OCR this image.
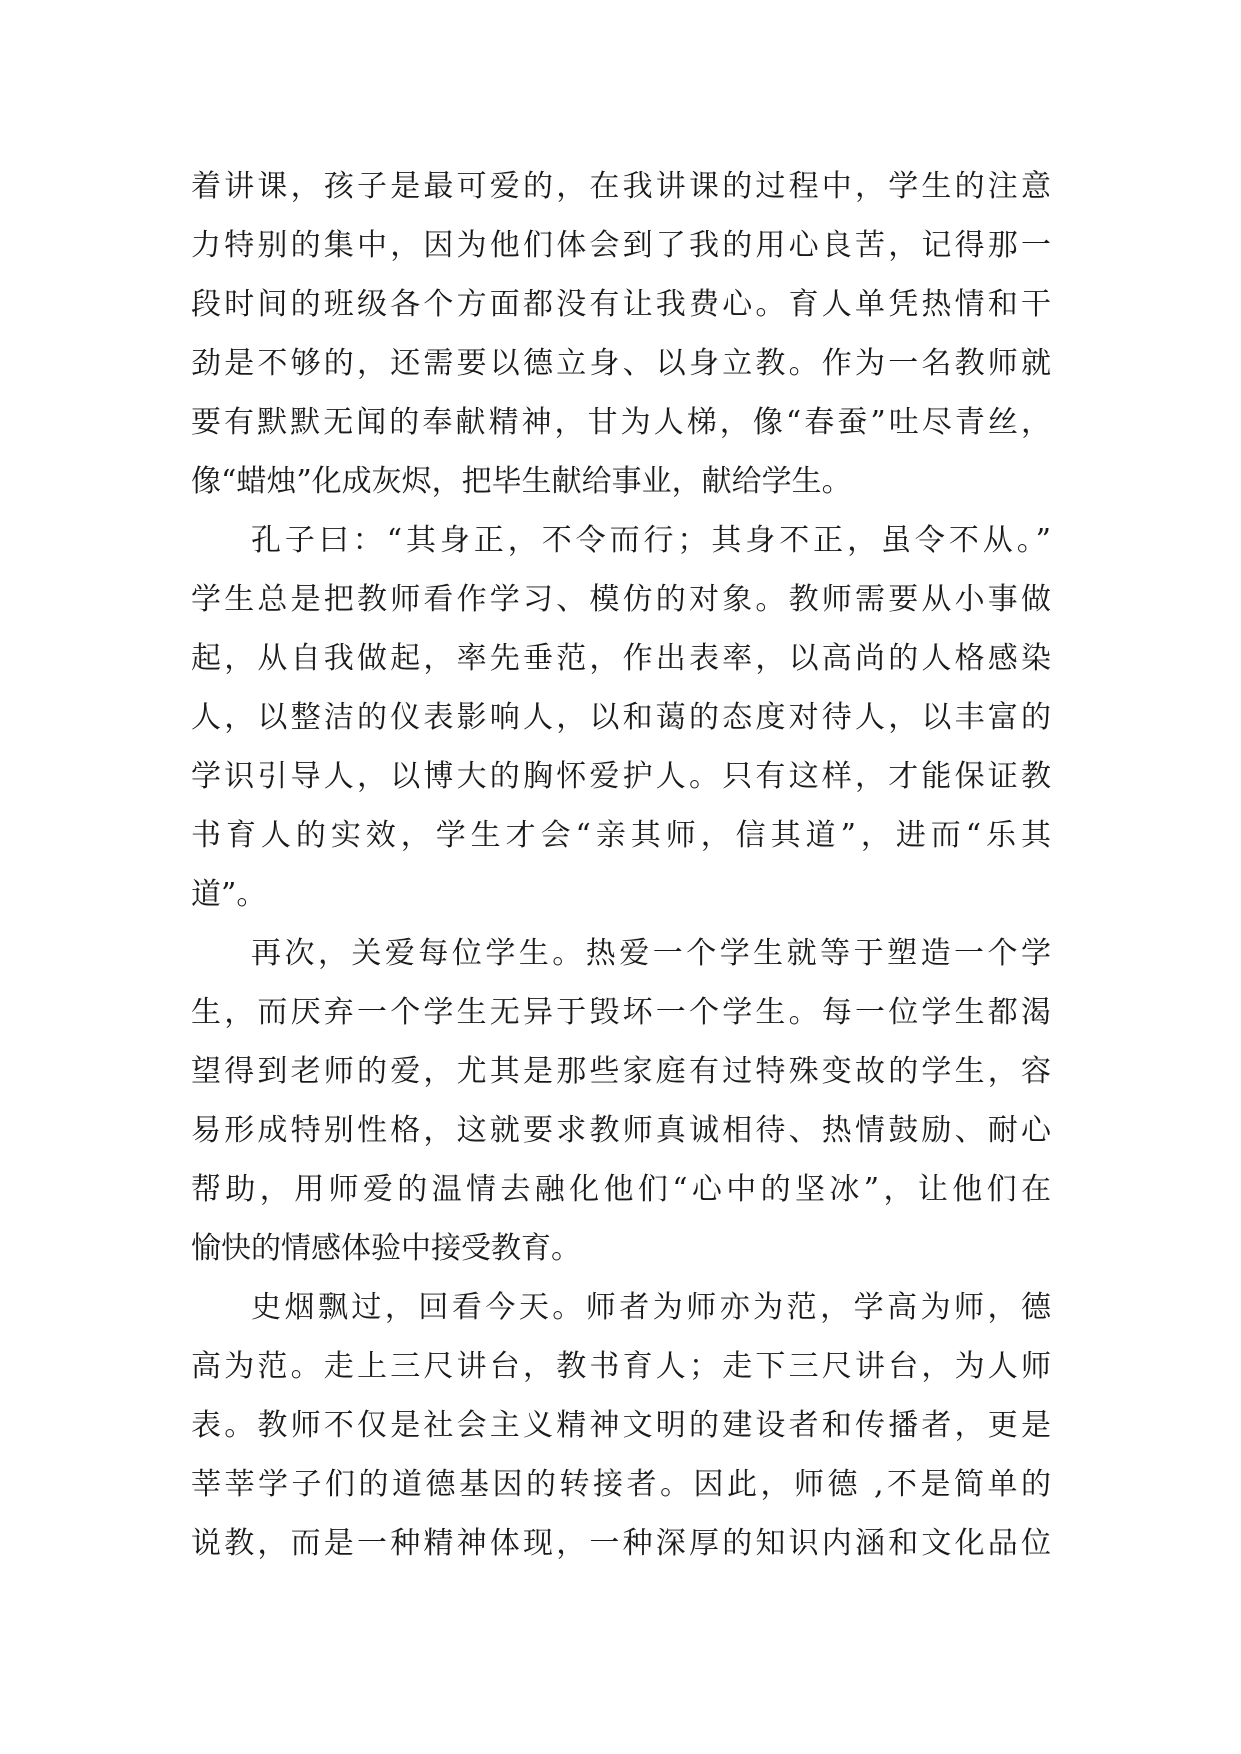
着讲课，孩子是最可爱的，在我讲课的过程中，学生的注意
力特别的集中，因为他们体会到了我的用心良苦，记得那一
段时间的班级各个方面都没有让我费心。育人单凭热情和干
劲是不够的，还需要以德立身、以身立教。作为一名教师就
要有默默无闻的奉献精神，甘为人梯，像“春蚕”吐尽青丝，
像“蜡烛”化成灰烬，把毕生献给事业，献给学生。
孔子曰：“其身正，不令而行；其身不正，虽令不从。”
学生总是把教师看作学习、模仿的对象。教师需要从小事做
起，从自我做起，率先垂范，作出表率，以高尚的人格感染
人，以整洁的仪表影响人，以和蔼的态度对待人，以丰富的
学识引导人，以博大的胸怀爱护人。只有这样，才能保证教
书育人的实效，学生才会“亲其师，信其道”，进而“乐其
道”。
再次，关爱每位学生。热爱一个学生就等于塑造一个学
生，而厌弃一个学生无异于毁坏一个学生。每一位学生都渴
望得到老师的爱，尤其是那些家庭有过特殊变故的学生，容
易形成特别性格，这就要求教师真诚相待、热情鼓励、耐心
帮助，用师爱的温情去融化他们“心中的坚冰”，让他们在
愉快的情感体验中接受教育。
史烟飘过，回看今天。师者为师亦为范，学高为师，德
高为范。走上三尺讲台，教书育人；走下三尺讲台，为人师
表。教师不仅是社会主义精神文明的建设者和传播者，更是
莘莘学子们的道德基因的转接者。因此，师德 ,不是简单的
说教，而是一种精神体现，一种深厚的知识内涵和文化品位
